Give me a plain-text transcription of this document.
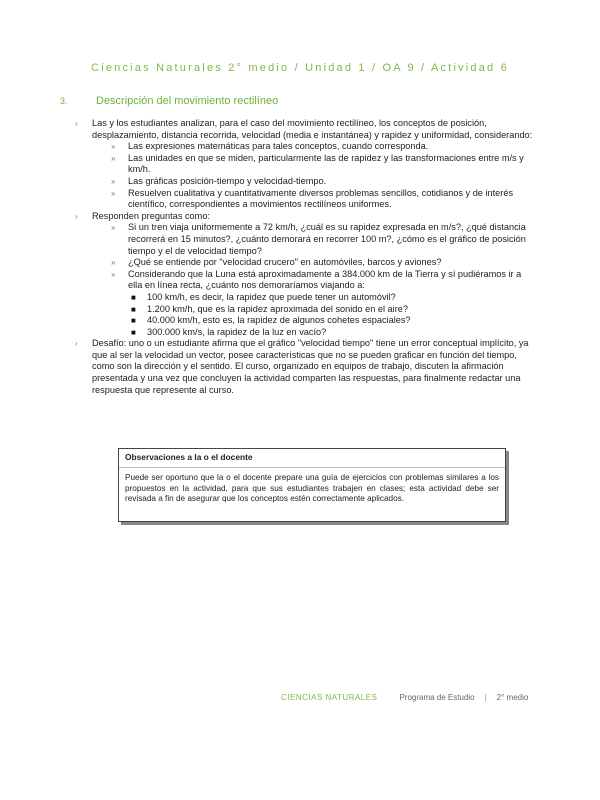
Ciencias Naturales 2° medio / Unidad 1 / OA 9 / Actividad 6
3.	Descripción del movimiento rectilíneo
› Las y los estudiantes analizan, para el caso del movimiento rectilíneo, los conceptos de posición, desplazamiento, distancia recorrida, velocidad (media e instantánea) y rapidez y uniformidad, considerando:
» Las expresiones matemáticas para tales conceptos, cuando corresponda.
» Las unidades en que se miden, particularmente las de rapidez y las transformaciones entre m/s y km/h.
» Las gráficas posición-tiempo y velocidad-tiempo.
» Resuelven cualitativa y cuantitativamente diversos problemas sencillos, cotidianos y de interés científico, correspondientes a movimientos rectilíneos uniformes.
› Responden preguntas como:
» Si un tren viaja uniformemente a 72 km/h, ¿cuál es su rapidez expresada en m/s?, ¿qué distancia recorrerá en 15 minutos?, ¿cuánto demorará en recorrer 100 m?, ¿cómo es el gráfico de posición tiempo y el de velocidad tiempo?
» ¿Qué se entiende por "velocidad crucero" en automóviles, barcos y aviones?
» Considerando que la Luna está aproximadamente a 384.000 km de la Tierra y sí pudiéramos ir a ella en línea recta, ¿cuánto nos demoraríamos viajando a:
■ 100 km/h, es decir, la rapidez que puede tener un automóvil?
■ 1.200 km/h, que es la rapidez aproximada del sonido en el aire?
■ 40.000 km/h, esto es, la rapidez de algunos cohetes espaciales?
■ 300.000 km/s, la rapidez de la luz en vacío?
› Desafío: uno o un estudiante afirma que el gráfico "velocidad tiempo" tiene un error conceptual implícito, ya que al ser la velocidad un vector, posee características que no se pueden graficar en función del tiempo, como son la dirección y el sentido. El curso, organizado en equipos de trabajo, discuten la afirmación presentada y una vez que concluyen la actividad comparten las respuestas, para finalmente redactar una respuesta que represente al curso.
Observaciones a la o el docente
Puede ser oportuno que la o el docente prepare una guía de ejercicios con problemas similares a los propuestos en la actividad, para que sus estudiantes trabajen en clases; esta actividad debe ser revisada a fin de asegurar que los conceptos estén correctamente aplicados.
CIENCIAS NATURALES	Programa de Estudio | 2° medio
